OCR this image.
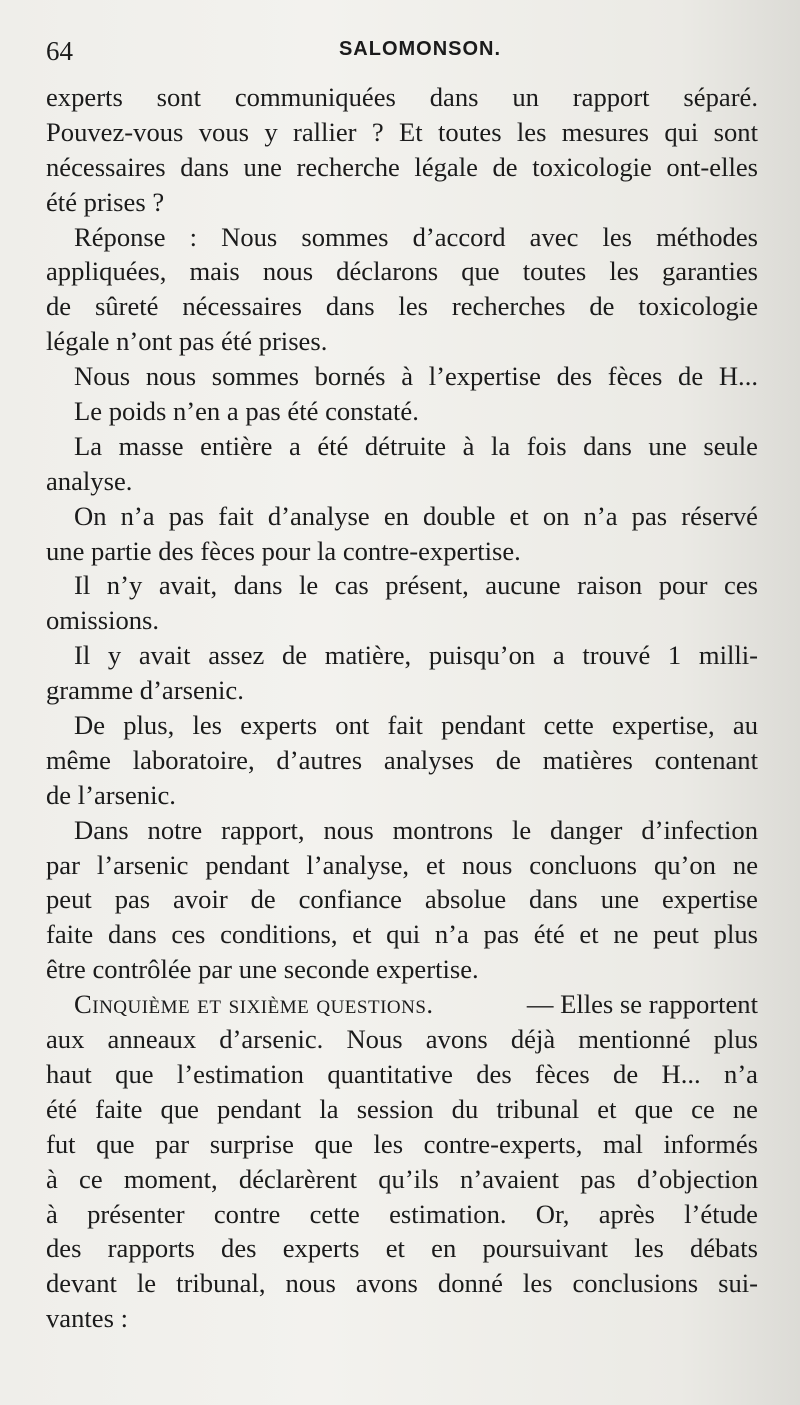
64	SALOMONSON.
experts sont communiquées dans un rapport séparé.
Pouvez-vous vous y rallier ? Et toutes les mesures qui sont
nécessaires dans une recherche légale de toxicologie ont-elles
été prises ?
Réponse : Nous sommes d’accord avec les méthodes
appliquées, mais nous déclarons que toutes les garanties
de sûreté nécessaires dans les recherches de toxicologie
légale n’ont pas été prises.
Nous nous sommes bornés à l’expertise des fèces de H...
Le poids n’en a pas été constaté.
La masse entière a été détruite à la fois dans une seule
analyse.
On n’a pas fait d’analyse en double et on n’a pas réservé
une partie des fèces pour la contre-expertise.
Il n’y avait, dans le cas présent, aucune raison pour ces
omissions.
Il y avait assez de matière, puisqu’on a trouvé 1 milli-
gramme d’arsenic.
De plus, les experts ont fait pendant cette expertise, au
même laboratoire, d’autres analyses de matières contenant
de l’arsenic.
Dans notre rapport, nous montrons le danger d’infection
par l’arsenic pendant l’analyse, et nous concluons qu’on ne
peut pas avoir de confiance absolue dans une expertise
faite dans ces conditions, et qui n’a pas été et ne peut plus
être contrôlée par une seconde expertise.
Cinquième et sixième questions.	— Elles se rapportent
aux anneaux d’arsenic. Nous avons déjà mentionné plus
haut que l’estimation quantitative des fèces de H... n’a
été faite que pendant la session du tribunal et que ce ne
fut que par surprise que les contre-experts, mal informés
à ce moment, déclarèrent qu’ils n’avaient pas d’objection
à présenter contre cette estimation. Or, après l’étude
des rapports des experts et en poursuivant les débats
devant le tribunal, nous avons donné les conclusions sui-
vantes :
